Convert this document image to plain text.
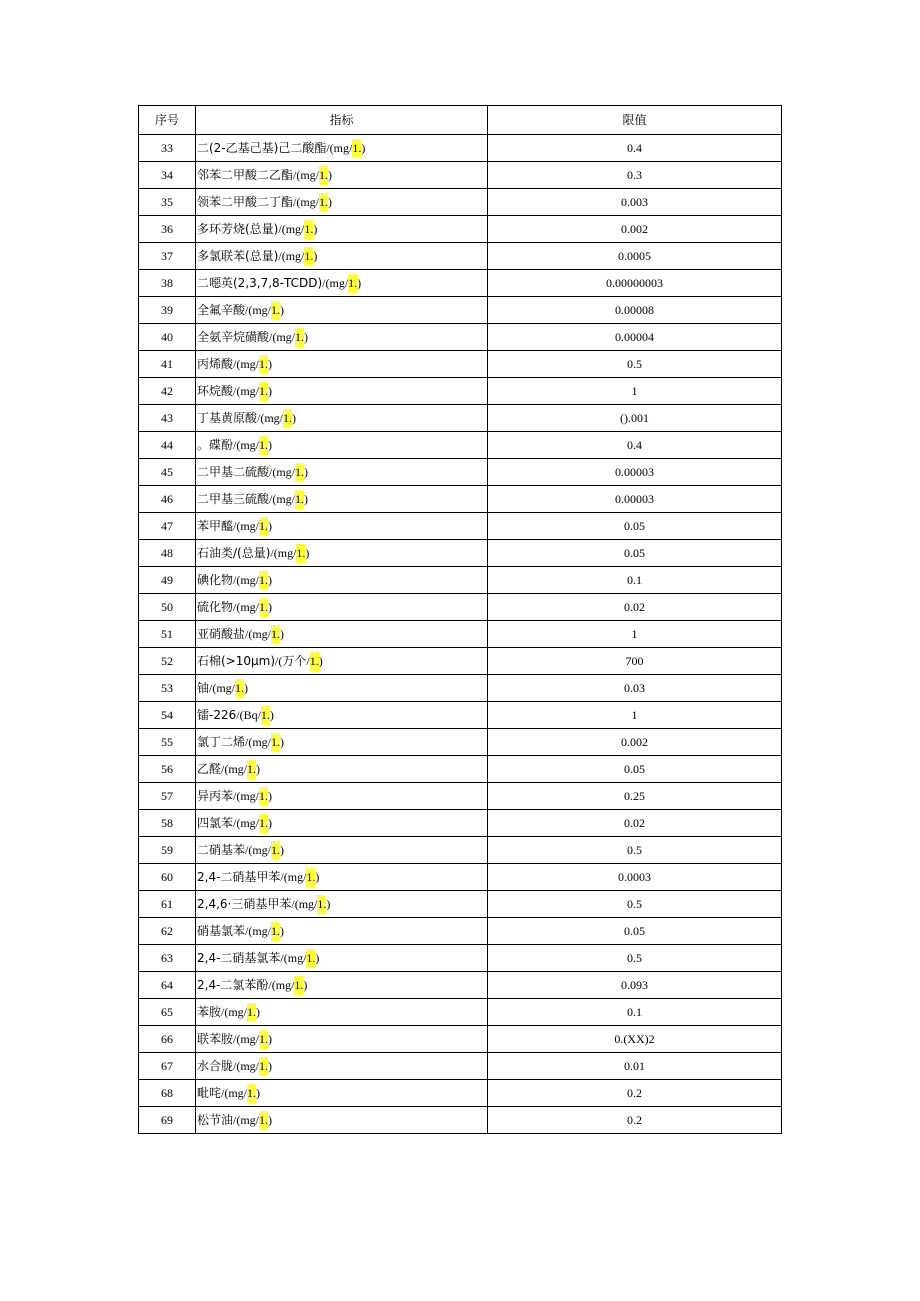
序号	指标	限值
33	二(2-乙基己基)己二酸酯/(mg/1.)	0.4
34	邻苯二甲酸二乙酯/(mg/1.)	0.3
35	领苯二甲酸二丁酯/(mg/1.)	0.003
36	多环芳烧(总量)/(mg/1.)	0.002
37	多氯联苯(总量)/(mg/1.)	0.0005
38	二噁英(2,3,7,8-TCDD)/(mg/1.)	0.00000003
39	全氟辛酸/(mg/1.)	0.00008
40	全氨辛烷磺酸/(mg/1.)	0.00004
41	丙烯酸/(mg/1.)	0.5
42	环烷酸/(mg/1.)	1
43	丁基黄原酸/(mg/1.)	().001
44	。碟酚/(mg/1.)	0.4
45	二甲基二硫酸/(mg/1.)	0.00003
46	二甲基三硫酸/(mg/1.)	0.00003
47	苯甲醯/(mg/1.)	0.05
48	石油类/(总量)/(mg/1.)	0.05
49	碘化物/(mg/1.)	0.1
50	硫化物/(mg/1.)	0.02
51	亚硝酸盐/(mg/1.)	1
52	石棉(>10μm)/(万个/1.)	700
53	铀/(mg/1.)	0.03
54	镭-226/(Bq/1.)	1
55	氯丁二烯/(mg/1.)	0.002
56	乙醛/(mg/1.)	0.05
57	异丙苯/(mg/1.)	0.25
58	四氯苯/(mg/1.)	0.02
59	二硝基苯/(mg/1.)	0.5
60	2,4-二硝基甲苯/(mg/1.)	0.0003
61	2,4,6·三硝基甲苯/(mg/1.)	0.5
62	硝基氯苯/(mg/1.)	0.05
63	2,4-二硝基氯苯/(mg/1.)	0.5
64	2,4-二氯苯酚/(mg/1.)	0.093
65	苯胺/(mg/1.)	0.1
66	联苯胺/(mg/1.)	0.(XX)2
67	水合胧/(mg/1.)	0.01
68	毗咤/(mg/1.)	0.2
69	松节油/(mg/1.)	0.2
